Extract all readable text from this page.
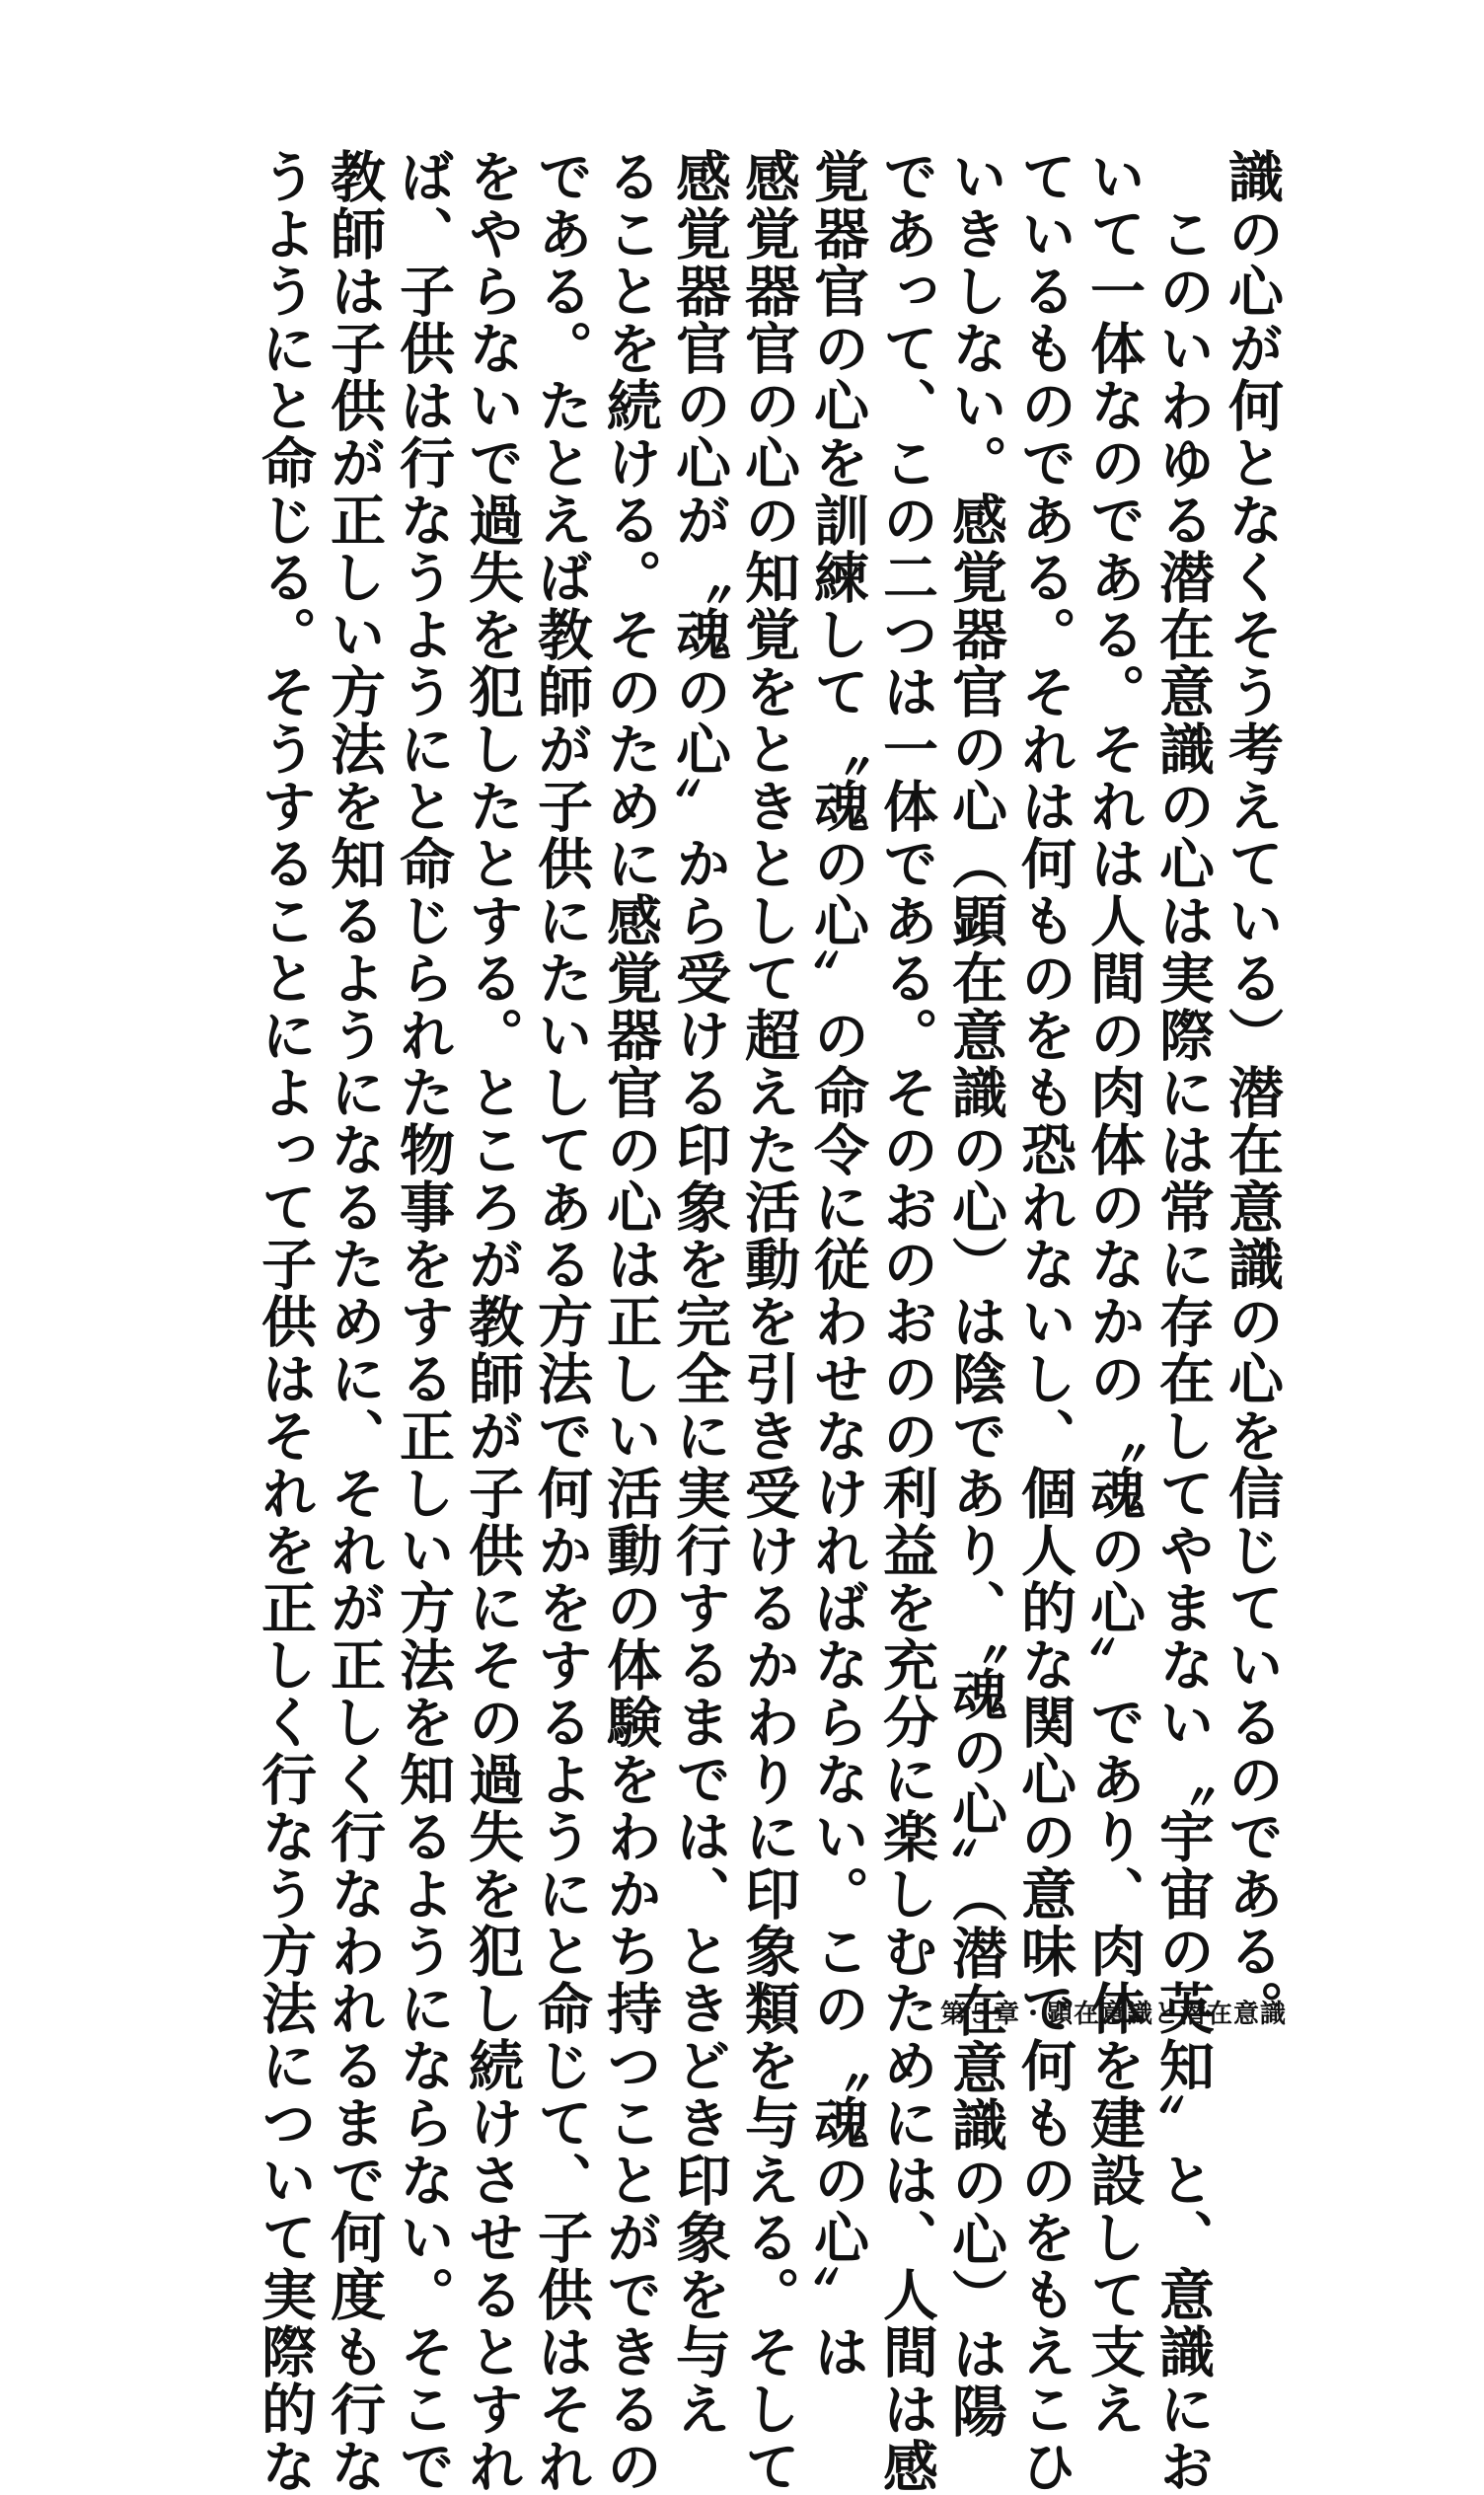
識の心が何となくそう考えている）潜在意識の心を信じているのである。

　このいわゆる潜在意識の心は実際には常に存在してやまない〝宇宙の英知〟と、意識にお

いて一体なのである。それは人間の肉体のなかの〝魂の心〟であり、肉体を建設して支え

ているものである。それは何ものをも恐れないし、個人的な関心の意味で何ものをもえこひ

いきしない。感覚器官の心（顕在意識の心）は陰であり、〝魂の心〟（潜在意識の心）は陽

であって、この二つは一体である。そのおのおのの利益を充分に楽しむためには、人間は感

覚器官の心を訓練して〝魂の心〟の命令に従わせなければならない。この〝魂の心〟は

感覚器官の心の知覚をときとして超えた活動を引き受けるかわりに印象類を与える。そして

感覚器官の心が〝魂の心〟から受ける印象を完全に実行するまでは、ときどき印象を与え

ることを続ける。そのために感覚器官の心は正しい活動の体験をわかち持つことができるの

である。たとえば教師が子供にたいしてある方法で何かをするようにと命じて、子供はそれ

をやらないで過失を犯したとする。ところが教師が子供にその過失を犯し続けさせるとすれ

ば、子供は行なうようにと命じられた物事をする正しい方法を知るようにならない。そこで

教師は子供が正しい方法を知るようになるために、それが正しく行なわれるまで何度も行な

うようにと命じる。そうすることによって子供はそれを正しく行なう方法について実際的な	第５章・顕在意識と潜在意識
